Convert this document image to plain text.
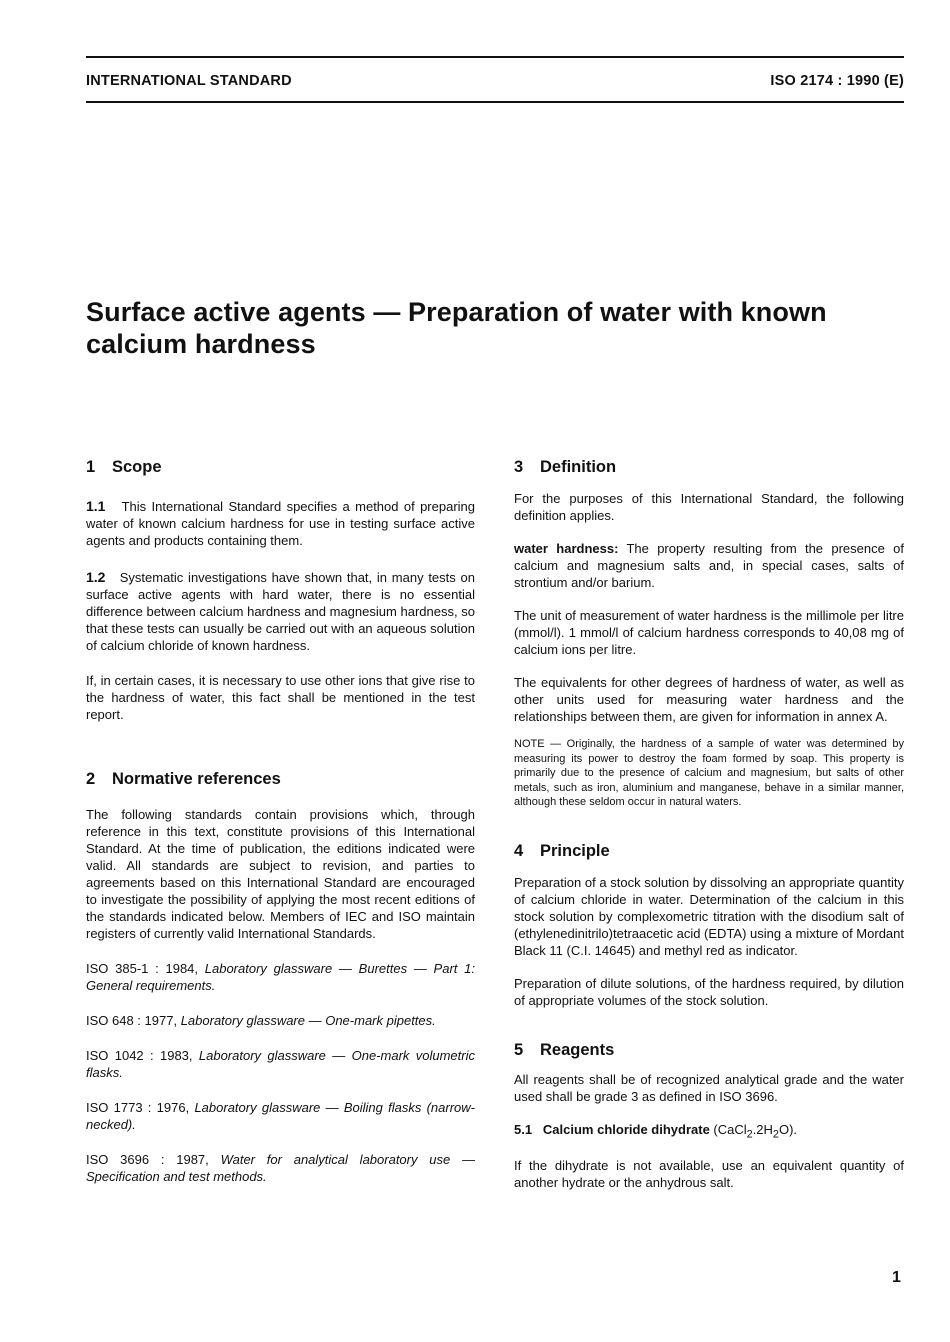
INTERNATIONAL STANDARD	ISO 2174 : 1990 (E)
Surface active agents — Preparation of water with known
calcium hardness
1 Scope

1.1 This International Standard specifies a method of preparing water of known calcium hardness for use in testing surface active agents and products containing them.

1.2 Systematic investigations have shown that, in many tests on surface active agents with hard water, there is no essential difference between calcium hardness and magnesium hardness, so that these tests can usually be carried out with an aqueous solution of calcium chloride of known hardness.

If, in certain cases, it is necessary to use other ions that give rise to the hardness of water, this fact shall be mentioned in the test report.

2 Normative references

The following standards contain provisions which, through reference in this text, constitute provisions of this International Standard. At the time of publication, the editions indicated were valid. All standards are subject to revision, and parties to agreements based on this International Standard are encouraged to investigate the possibility of applying the most recent editions of the standards indicated below. Members of IEC and ISO maintain registers of currently valid International Standards.

ISO 385-1 : 1984, Laboratory glassware — Burettes — Part 1: General requirements.

ISO 648 : 1977, Laboratory glassware — One-mark pipettes.

ISO 1042 : 1983, Laboratory glassware — One-mark volumetric flasks.

ISO 1773 : 1976, Laboratory glassware — Boiling flasks (narrow-necked).

ISO 3696 : 1987, Water for analytical laboratory use — Specification and test methods.

3 Definition

For the purposes of this International Standard, the following definition applies.

water hardness: The property resulting from the presence of calcium and magnesium salts and, in special cases, salts of strontium and/or barium.

The unit of measurement of water hardness is the millimole per litre (mmol/l). 1 mmol/l of calcium hardness corresponds to 40,08 mg of calcium ions per litre.

The equivalents for other degrees of hardness of water, as well as other units used for measuring water hardness and the relationships between them, are given for information in annex A.

NOTE — Originally, the hardness of a sample of water was determined by measuring its power to destroy the foam formed by soap. This property is primarily due to the presence of calcium and magnesium, but salts of other metals, such as iron, aluminium and manganese, behave in a similar manner, although these seldom occur in natural waters.

4 Principle

Preparation of a stock solution by dissolving an appropriate quantity of calcium chloride in water. Determination of the calcium in this stock solution by complexometric titration with the disodium salt of (ethylenedinitrilo)tetraacetic acid (EDTA) using a mixture of Mordant Black 11 (C.I. 14645) and methyl red as indicator.

Preparation of dilute solutions, of the hardness required, by dilution of appropriate volumes of the stock solution.

5 Reagents

All reagents shall be of recognized analytical grade and the water used shall be grade 3 as defined in ISO 3696.

5.1 Calcium chloride dihydrate $(CaCl_2.2H_2O)$.

If the dihydrate is not available, use an equivalent quantity of another hydrate or the anhydrous salt.

1
